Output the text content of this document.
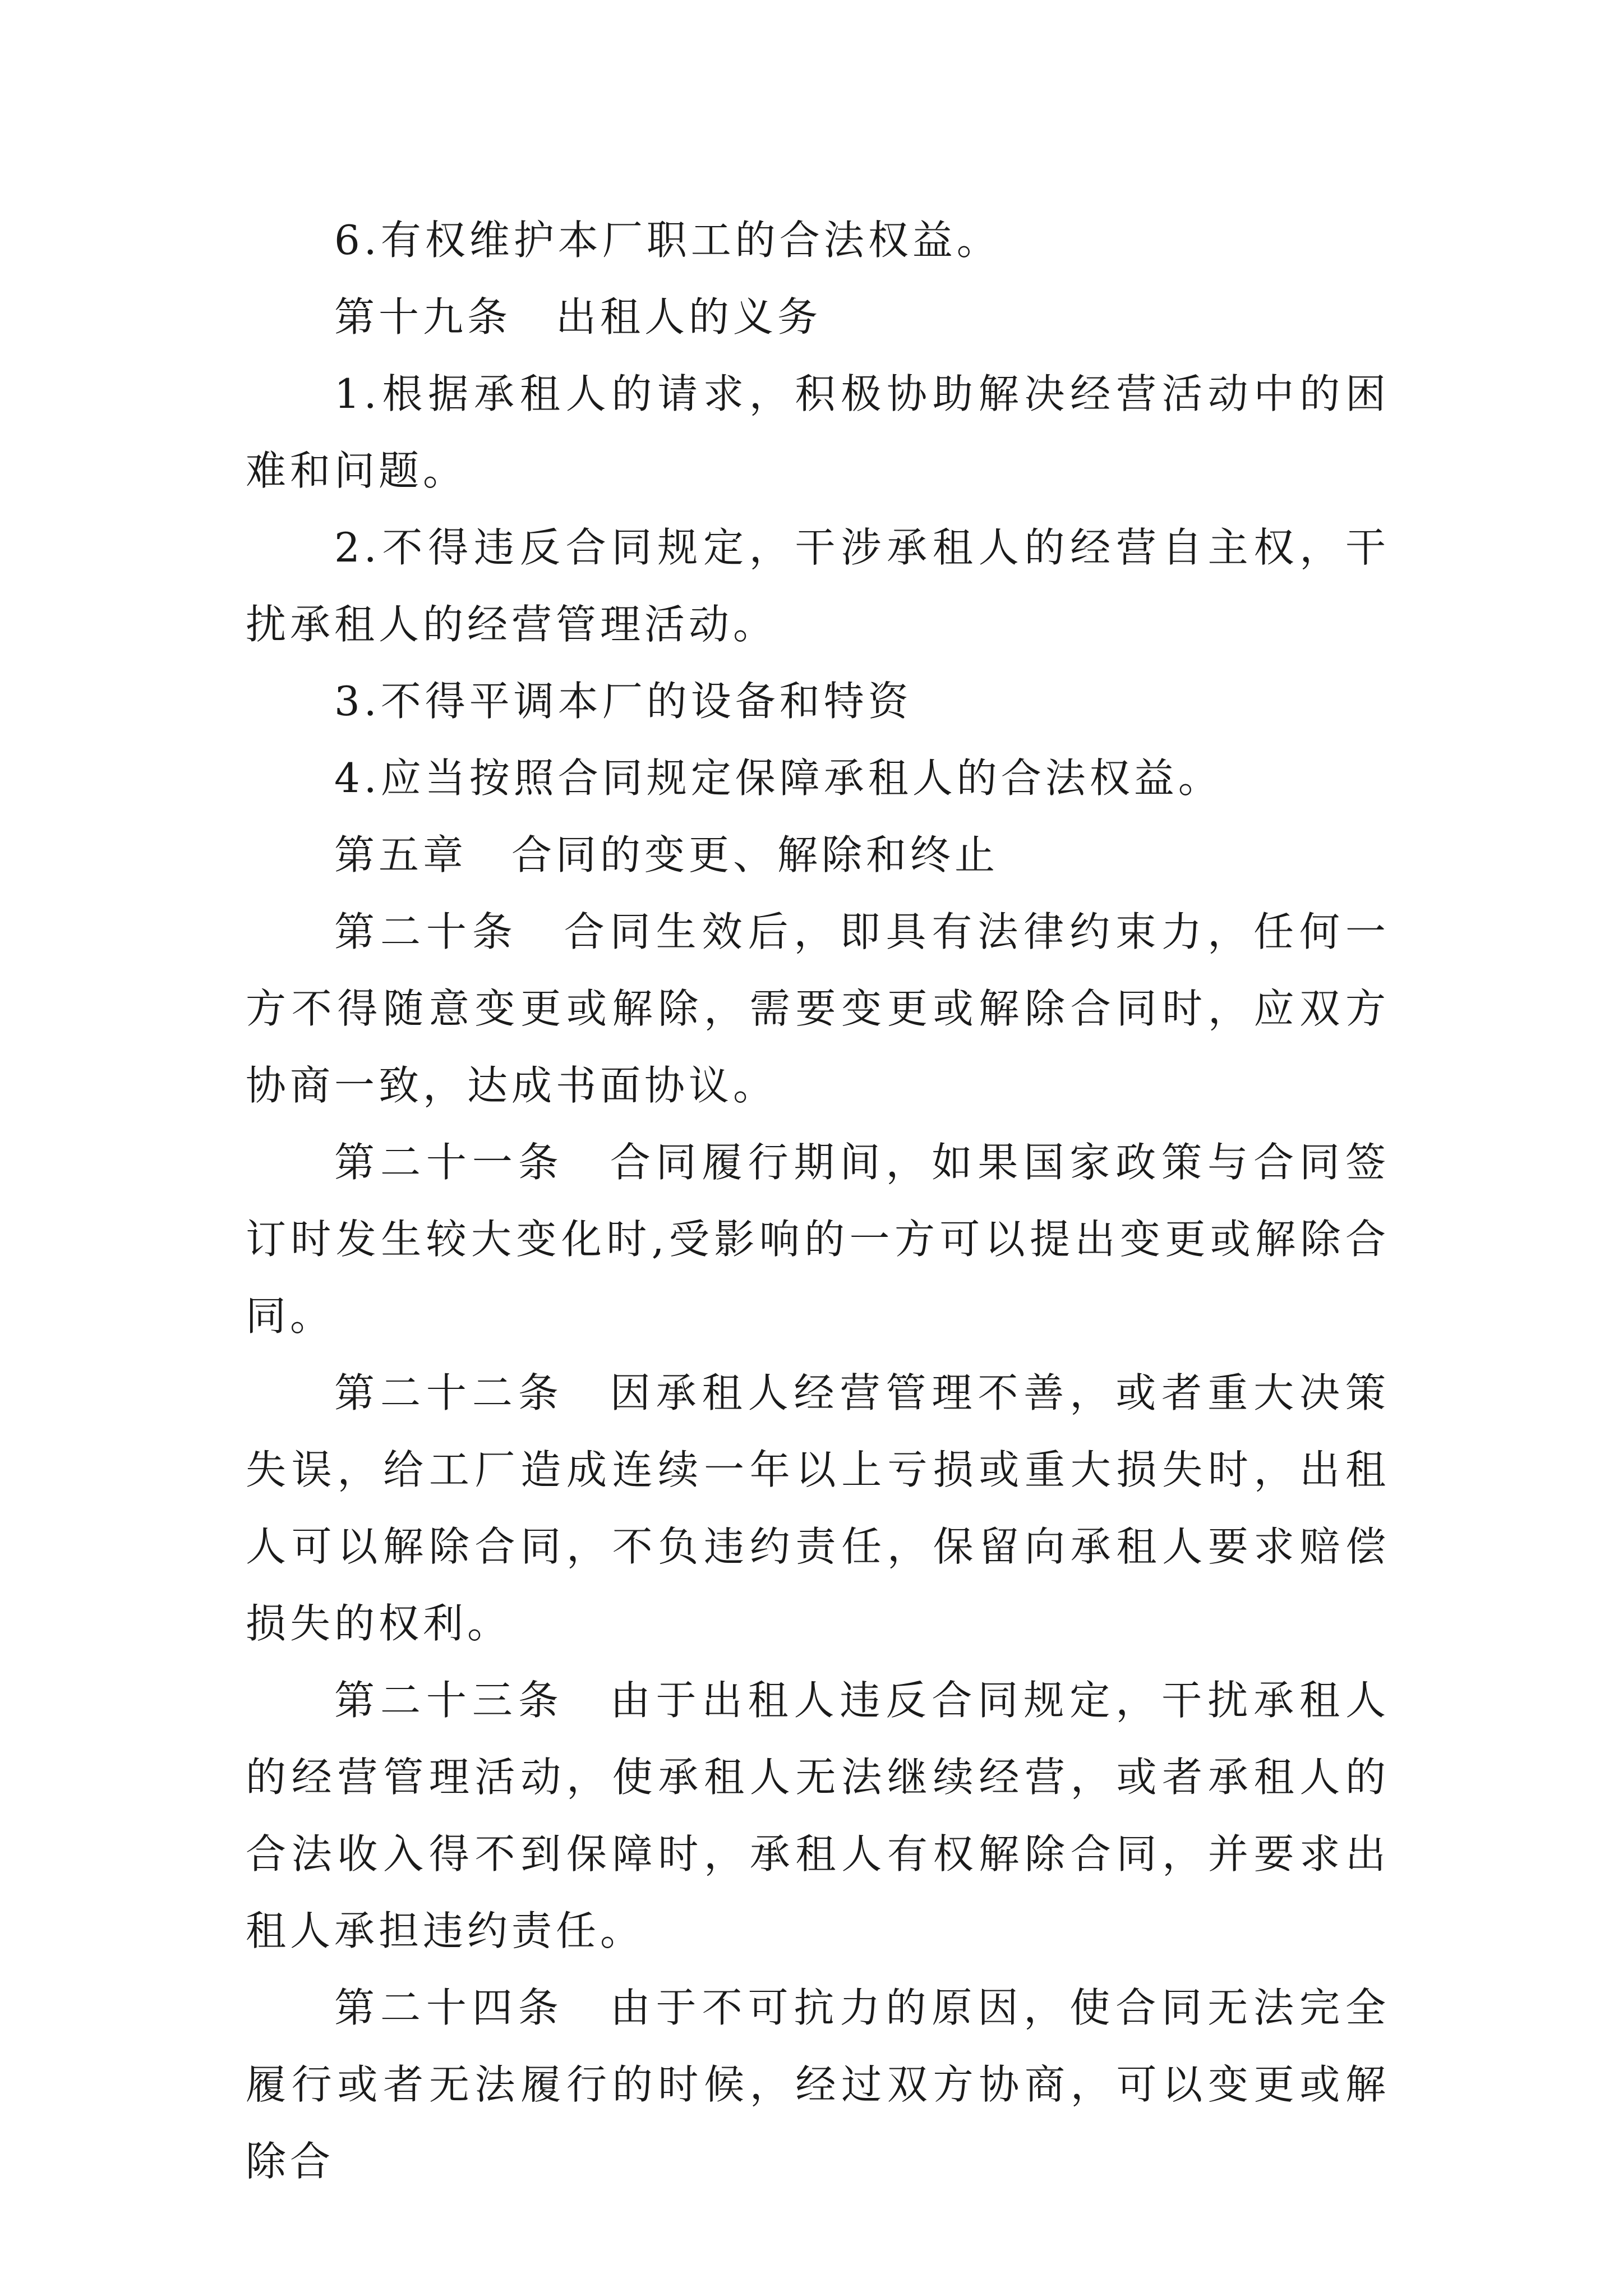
6.有权维护本厂职工的合法权益。

第十九条　出租人的义务

1.根据承租人的请求，积极协助解决经营活动中的困难和问题。

2.不得违反合同规定，干涉承租人的经营自主权，干扰承租人的经营管理活动。

3.不得平调本厂的设备和特资

4.应当按照合同规定保障承租人的合法权益。

第五章　合同的变更、解除和终止

第二十条　合同生效后，即具有法律约束力，任何一方不得随意变更或解除，需要变更或解除合同时，应双方协商一致，达成书面协议。

第二十一条　合同履行期间，如果国家政策与合同签订时发生较大变化时,受影响的一方可以提出变更或解除合同。

第二十二条　因承租人经营管理不善，或者重大决策失误，给工厂造成连续一年以上亏损或重大损失时，出租人可以解除合同，不负违约责任，保留向承租人要求赔偿损失的权利。

第二十三条　由于出租人违反合同规定，干扰承租人的经营管理活动，使承租人无法继续经营，或者承租人的合法收入得不到保障时，承租人有权解除合同，并要求出租人承担违约责任。

第二十四条　由于不可抗力的原因，使合同无法完全履行或者无法履行的时候，经过双方协商，可以变更或解除合
